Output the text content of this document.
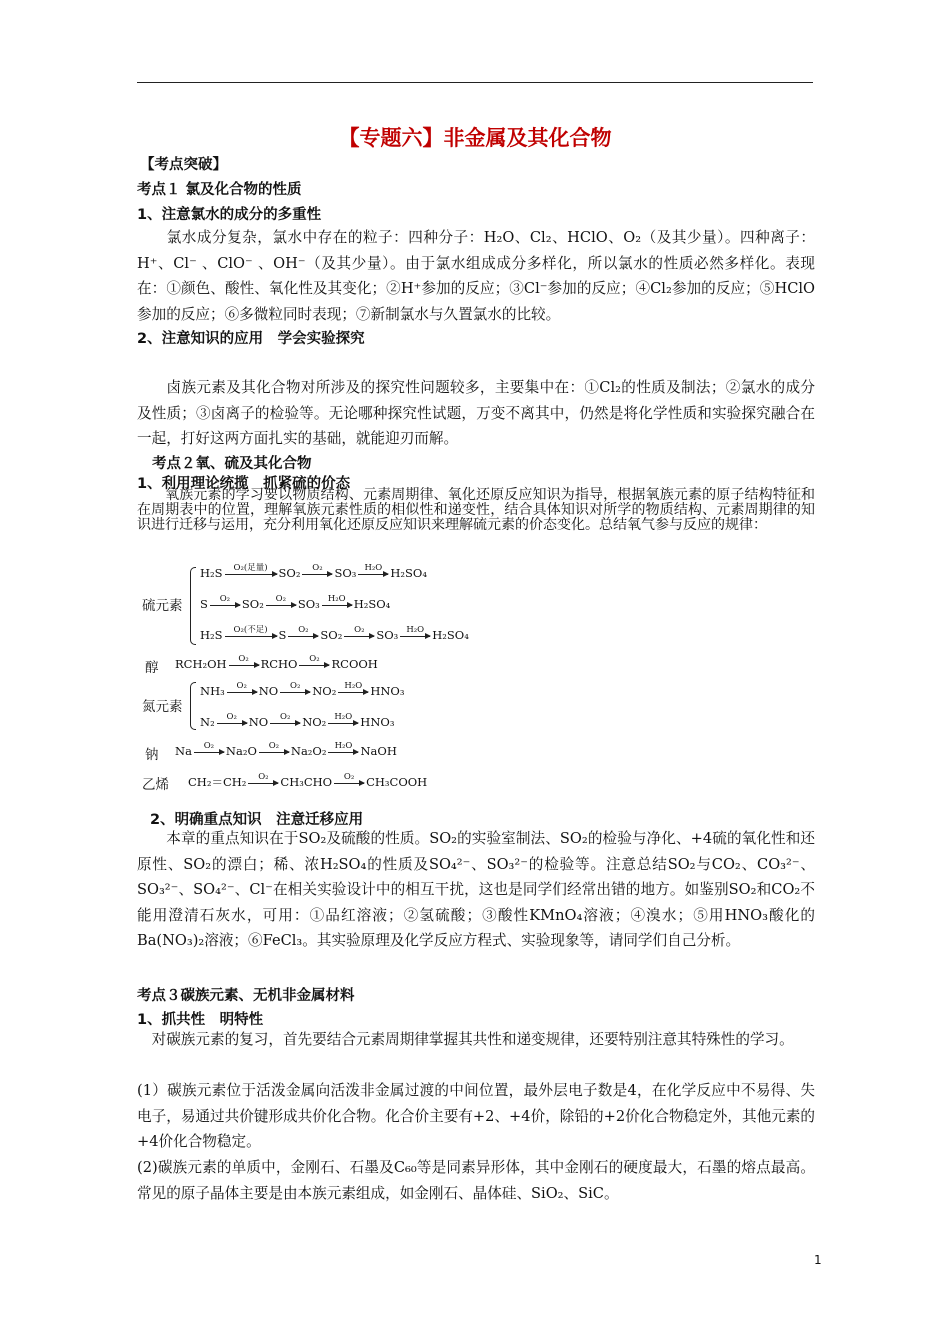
【专题六】非金属及其化合物
【考点突破】
考点１ 氯及化合物的性质
1、注意氯水的成分的多重性
氯水成分复杂，氯水中存在的粒子：四种分子：H₂O、Cl₂、HClO、O₂（及其少量）。四种离子：H⁺、Cl⁻ 、ClO⁻ 、OH⁻（及其少量）。由于氯水组成成分多样化，所以氯水的性质必然多样化。表现在：①颜色、酸性、氧化性及其变化；②H⁺参加的反应；③Cl⁻参加的反应；④Cl₂参加的反应；⑤HClO参加的反应；⑥多微粒同时表现；⑦新制氯水与久置氯水的比较。
2、注意知识的应用　学会实验探究
卤族元素及其化合物对所涉及的探究性问题较多，主要集中在：①Cl₂的性质及制法；②氯水的成分及性质；③卤离子的检验等。无论哪种探究性试题，万变不离其中，仍然是将化学性质和实验探究融合在一起，打好这两方面扎实的基础，就能迎刃而解。
考点２氧、硫及其化合物
1、利用理论统揽　抓紧硫的价态
氧族元素的学习要以物质结构、元素周期律、氧化还原反应知识为指导，根据氧族元素的原子结构特征和在周期表中的位置，理解氧族元素性质的相似性和递变性，结合具体知识对所学的物质结构、元素周期律的知识进行迁移与运用，充分利用氧化还原反应知识来理解硫元素的价态变化。总结氧气参与反应的规律：
硫元素
H₂S	O₂(足量) SO₂	O₂	SO₃ H₂O H₂SO₄
S	O₂	SO₂	O₂	SO₃ H₂O H₂SO₄
H₂S	O₂(不足) S	O₂	SO₂	O₂	SO₃ H₂O H₂SO₄
醇 RCH₂OH	O₂	RCHO	O₂	RCOOH
氮元素
NH₃	O₂	NO	O₂	NO₂ H₂O HNO₃
N₂	O₂	NO	O₂	NO₂ H₂O HNO₃
钠 Na	O₂	Na₂O	O₂	Na₂O₂ H₂O NaOH
乙烯 CH₂＝CH₂	O₂	CH₃CHO	O₂	CH₃COOH
2、明确重点知识　注意迁移应用
本章的重点知识在于SO₂及硫酸的性质。SO₂的实验室制法、SO₂的检验与净化、+4硫的氧化性和还原性、SO₂的漂白；稀、浓H₂SO₄的性质及SO₄²⁻、SO₃²⁻的检验等。注意总结SO₂与CO₂、CO₃²⁻、SO₃²⁻、SO₄²⁻、Cl⁻在相关实验设计中的相互干扰，这也是同学们经常出错的地方。如鉴别SO₂和CO₂不能用澄清石灰水，可用：①品红溶液；②氢硫酸；③酸性KMnO₄溶液；④溴水；⑤用HNO₃酸化的Ba(NO₃)₂溶液；⑥FeCl₃。其实验原理及化学反应方程式、实验现象等，请同学们自己分析。
考点３碳族元素、无机非金属材料
1、抓共性　明特性
对碳族元素的复习，首先要结合元素周期律掌握其共性和递变规律，还要特别注意其特殊性的学习。
(1）碳族元素位于活泼金属向活泼非金属过渡的中间位置，最外层电子数是4，在化学反应中不易得、失电子，易通过共价键形成共价化合物。化合价主要有+2、+4价，除铅的+2价化合物稳定外，其他元素的+4价化合物稳定。
(2)碳族元素的单质中，金刚石、石墨及C₆₀等是同素异形体，其中金刚石的硬度最大，石墨的熔点最高。常见的原子晶体主要是由本族元素组成，如金刚石、晶体硅、SiO₂、SiC。
1
